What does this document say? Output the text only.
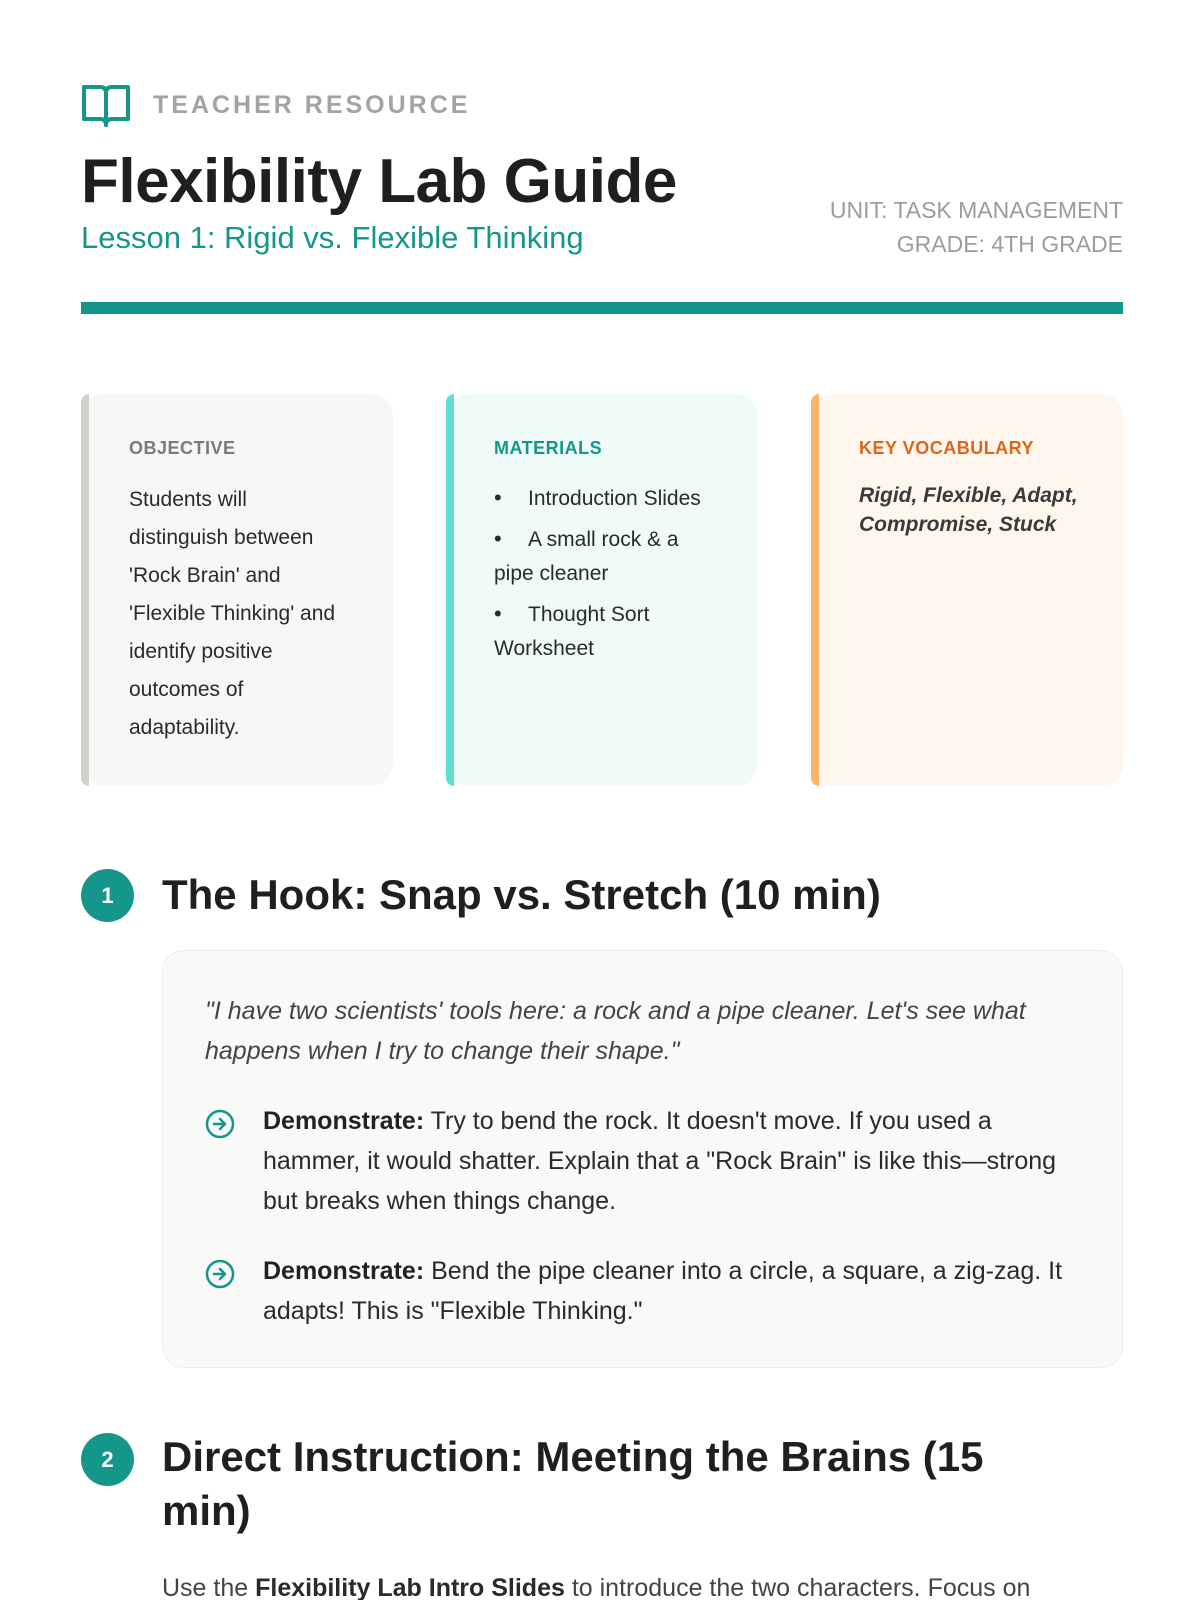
TEACHER RESOURCE
Flexibility Lab Guide
Lesson 1: Rigid vs. Flexible Thinking
UNIT: TASK MANAGEMENT
GRADE: 4TH GRADE
OBJECTIVE
Students will distinguish between 'Rock Brain' and 'Flexible Thinking' and identify positive outcomes of adaptability.
MATERIALS
• Introduction Slides
• A small rock & a pipe cleaner
• Thought Sort Worksheet
KEY VOCABULARY
Rigid, Flexible, Adapt, Compromise, Stuck
1	The Hook: Snap vs. Stretch (10 min)

"I have two scientists' tools here: a rock and a pipe cleaner. Let's see what happens when I try to change their shape."

Demonstrate: Try to bend the rock. It doesn't move. If you used a hammer, it would shatter. Explain that a "Rock Brain" is like this—strong but breaks when things change.
Demonstrate: Bend the pipe cleaner into a circle, a square, a zig-zag. It adapts! This is "Flexible Thinking."
2	Direct Instruction: Meeting the Brains (15 min)

Use the Flexibility Lab Intro Slides to introduce the two characters. Focus on
